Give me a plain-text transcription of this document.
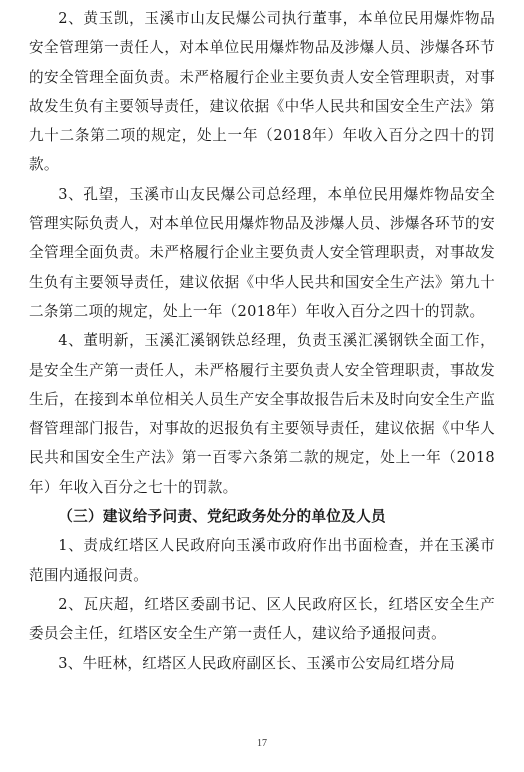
2、黄玉凯，玉溪市山友民爆公司执行董事，本单位民用爆炸物品安全管理第一责任人，对本单位民用爆炸物品及涉爆人员、涉爆各环节的安全管理全面负责。未严格履行企业主要负责人安全管理职责，对事故发生负有主要领导责任，建议依据《中华人民共和国安全生产法》第九十二条第二项的规定，处上一年（2018年）年收入百分之四十的罚款。

3、孔望，玉溪市山友民爆公司总经理，本单位民用爆炸物品安全管理实际负责人，对本单位民用爆炸物品及涉爆人员、涉爆各环节的安全管理全面负责。未严格履行企业主要负责人安全管理职责，对事故发生负有主要领导责任，建议依据《中华人民共和国安全生产法》第九十二条第二项的规定，处上一年（2018年）年收入百分之四十的罚款。

4、董明新，玉溪汇溪钢铁总经理，负责玉溪汇溪钢铁全面工作，是安全生产第一责任人，未严格履行主要负责人安全管理职责，事故发生后，在接到本单位相关人员生产安全事故报告后未及时向安全生产监督管理部门报告，对事故的迟报负有主要领导责任，建议依据《中华人民共和国安全生产法》第一百零六条第二款的规定，处上一年（2018年）年收入百分之七十的罚款。

（三）建议给予问责、党纪政务处分的单位及人员

1、责成红塔区人民政府向玉溪市政府作出书面检查，并在玉溪市范围内通报问责。

2、瓦庆超，红塔区委副书记、区人民政府区长，红塔区安全生产委员会主任，红塔区安全生产第一责任人，建议给予通报问责。

3、牛旺林，红塔区人民政府副区长、玉溪市公安局红塔分局

17
